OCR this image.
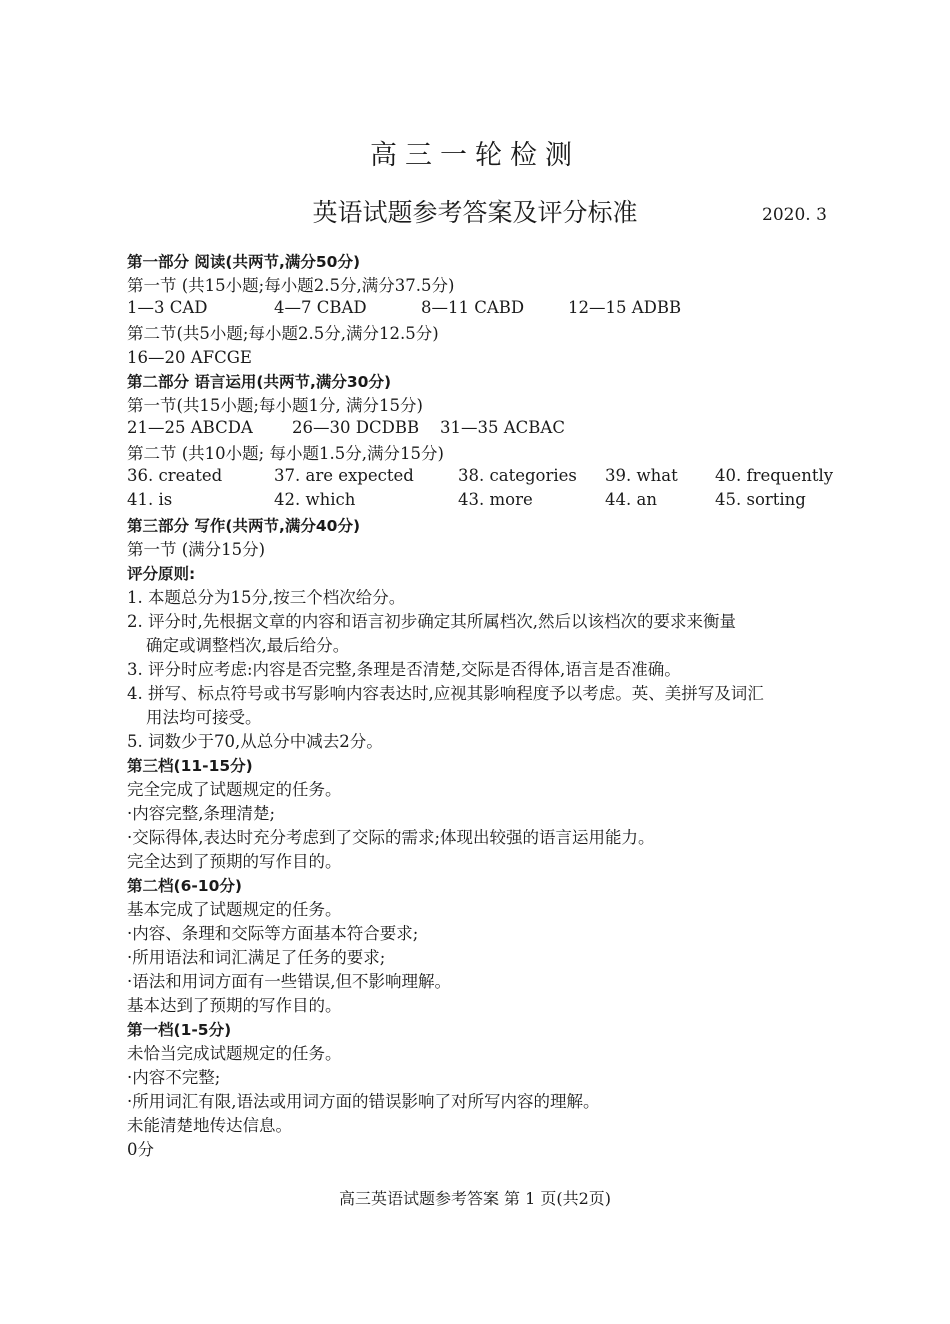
高三一轮检测
英语试题参考答案及评分标准	2020. 3
第一部分 阅读(共两节,满分50分)
第一节 (共15小题;每小题2.5分,满分37.5分)
1—3 CAD	4—7 CBAD	8—11 CABD	12—15 ADBB
第二节(共5小题;每小题2.5分,满分12.5分)
16—20 AFCGE
第二部分 语言运用(共两节,满分30分)
第一节(共15小题;每小题1分, 满分15分)
21—25 ABCDA 26—30 DCDBB 31—35 ACBAC
第二节 (共10小题; 每小题1.5分,满分15分)
36. created	37. are expected	38. categories 39. what 40. frequently
41. is	42. which	43. more	44. an	45. sorting
第三部分 写作(共两节,满分40分)
第一节 (满分15分)
评分原则:
1. 本题总分为15分,按三个档次给分。
2. 评分时,先根据文章的内容和语言初步确定其所属档次,然后以该档次的要求来衡量
确定或调整档次,最后给分。
3. 评分时应考虑:内容是否完整,条理是否清楚,交际是否得体,语言是否准确。
4. 拼写、标点符号或书写影响内容表达时,应视其影响程度予以考虑。英、美拼写及词汇
用法均可接受。
5. 词数少于70,从总分中减去2分。
第三档(11-15分)
完全完成了试题规定的任务。
·内容完整,条理清楚;
·交际得体,表达时充分考虑到了交际的需求;体现出较强的语言运用能力。
完全达到了预期的写作目的。
第二档(6-10分)
基本完成了试题规定的任务。
·内容、条理和交际等方面基本符合要求;
·所用语法和词汇满足了任务的要求;
·语法和用词方面有一些错误,但不影响理解。
基本达到了预期的写作目的。
第一档(1-5分)
未恰当完成试题规定的任务。
·内容不完整;
·所用词汇有限,语法或用词方面的错误影响了对所写内容的理解。
未能清楚地传达信息。
0分
高三英语试题参考答案 第 1 页(共2页)
